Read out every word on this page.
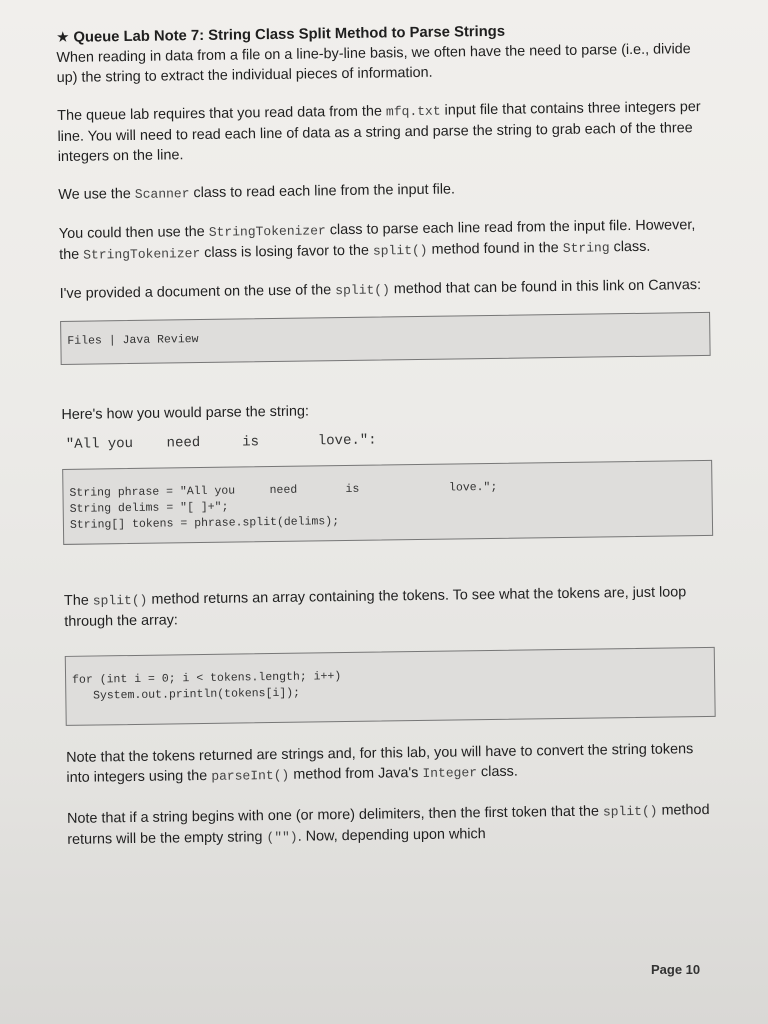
★ Queue Lab Note 7: String Class Split Method to Parse Strings
When reading in data from a file on a line-by-line basis, we often have the need to parse (i.e., divide up) the string to extract the individual pieces of information.
The queue lab requires that you read data from the mfq.txt input file that contains three integers per line. You will need to read each line of data as a string and parse the string to grab each of the three integers on the line.
We use the Scanner class to read each line from the input file.
You could then use the StringTokenizer class to parse each line read from the input file. However, the StringTokenizer class is losing favor to the split() method found in the String class.
I've provided a document on the use of the split() method that can be found in this link on Canvas:
Files | Java Review
Here's how you would parse the string:
"All you    need     is       love.":
String phrase = "All you     need       is             love.";
String delims = "[ ]+";
String[] tokens = phrase.split(delims);
The split() method returns an array containing the tokens. To see what the tokens are, just loop through the array:
for (int i = 0; i < tokens.length; i++)
System.out.println(tokens[i]);
Note that the tokens returned are strings and, for this lab, you will have to convert the string tokens into integers using the parseInt() method from Java's Integer class.
Note that if a string begins with one (or more) delimiters, then the first token that the split() method returns will be the empty string (""). Now, depending upon which
Page 10
